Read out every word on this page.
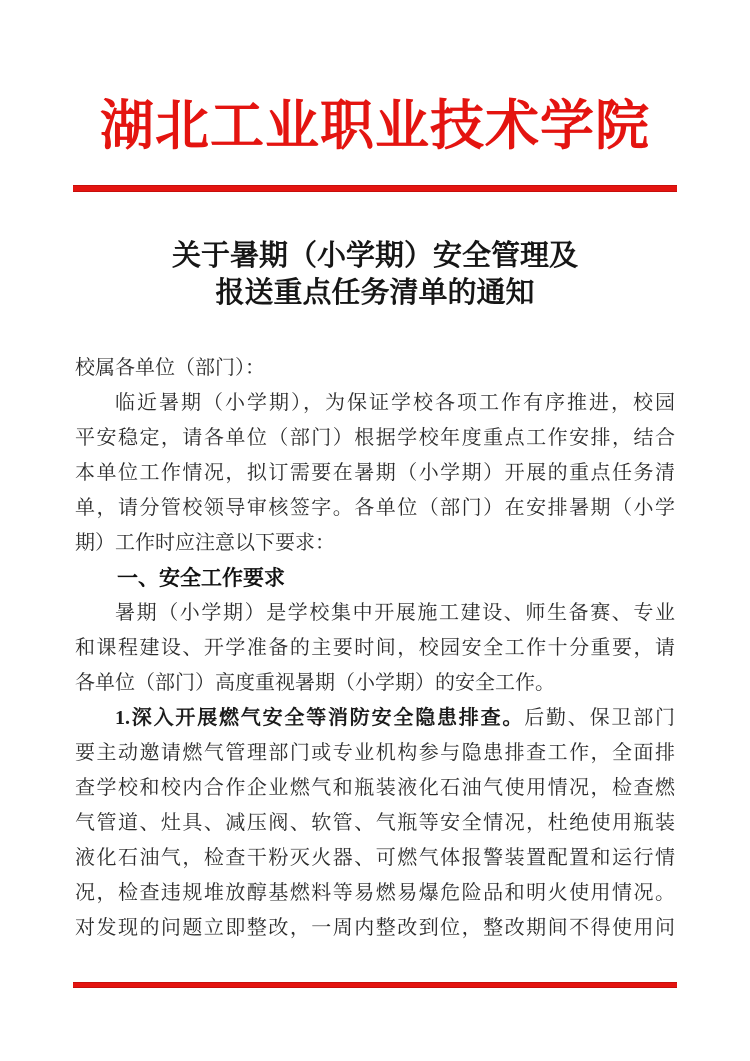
湖北工业职业技术学院
关于暑期（小学期）安全管理及
报送重点任务清单的通知
校属各单位（部门）：
临近暑期（小学期），为保证学校各项工作有序推进，校园
平安稳定，请各单位（部门）根据学校年度重点工作安排，结合
本单位工作情况，拟订需要在暑期（小学期）开展的重点任务清
单，请分管校领导审核签字。各单位（部门）在安排暑期（小学
期）工作时应注意以下要求：
一、安全工作要求
暑期（小学期）是学校集中开展施工建设、师生备赛、专业
和课程建设、开学准备的主要时间，校园安全工作十分重要，请
各单位（部门）高度重视暑期（小学期）的安全工作。
1.深入开展燃气安全等消防安全隐患排查。后勤、保卫部门
要主动邀请燃气管理部门或专业机构参与隐患排查工作，全面排
查学校和校内合作企业燃气和瓶装液化石油气使用情况，检查燃
气管道、灶具、减压阀、软管、气瓶等安全情况，杜绝使用瓶装
液化石油气，检查干粉灭火器、可燃气体报警装置配置和运行情
况，检查违规堆放醇基燃料等易燃易爆危险品和明火使用情况。
对发现的问题立即整改，一周内整改到位，整改期间不得使用问
